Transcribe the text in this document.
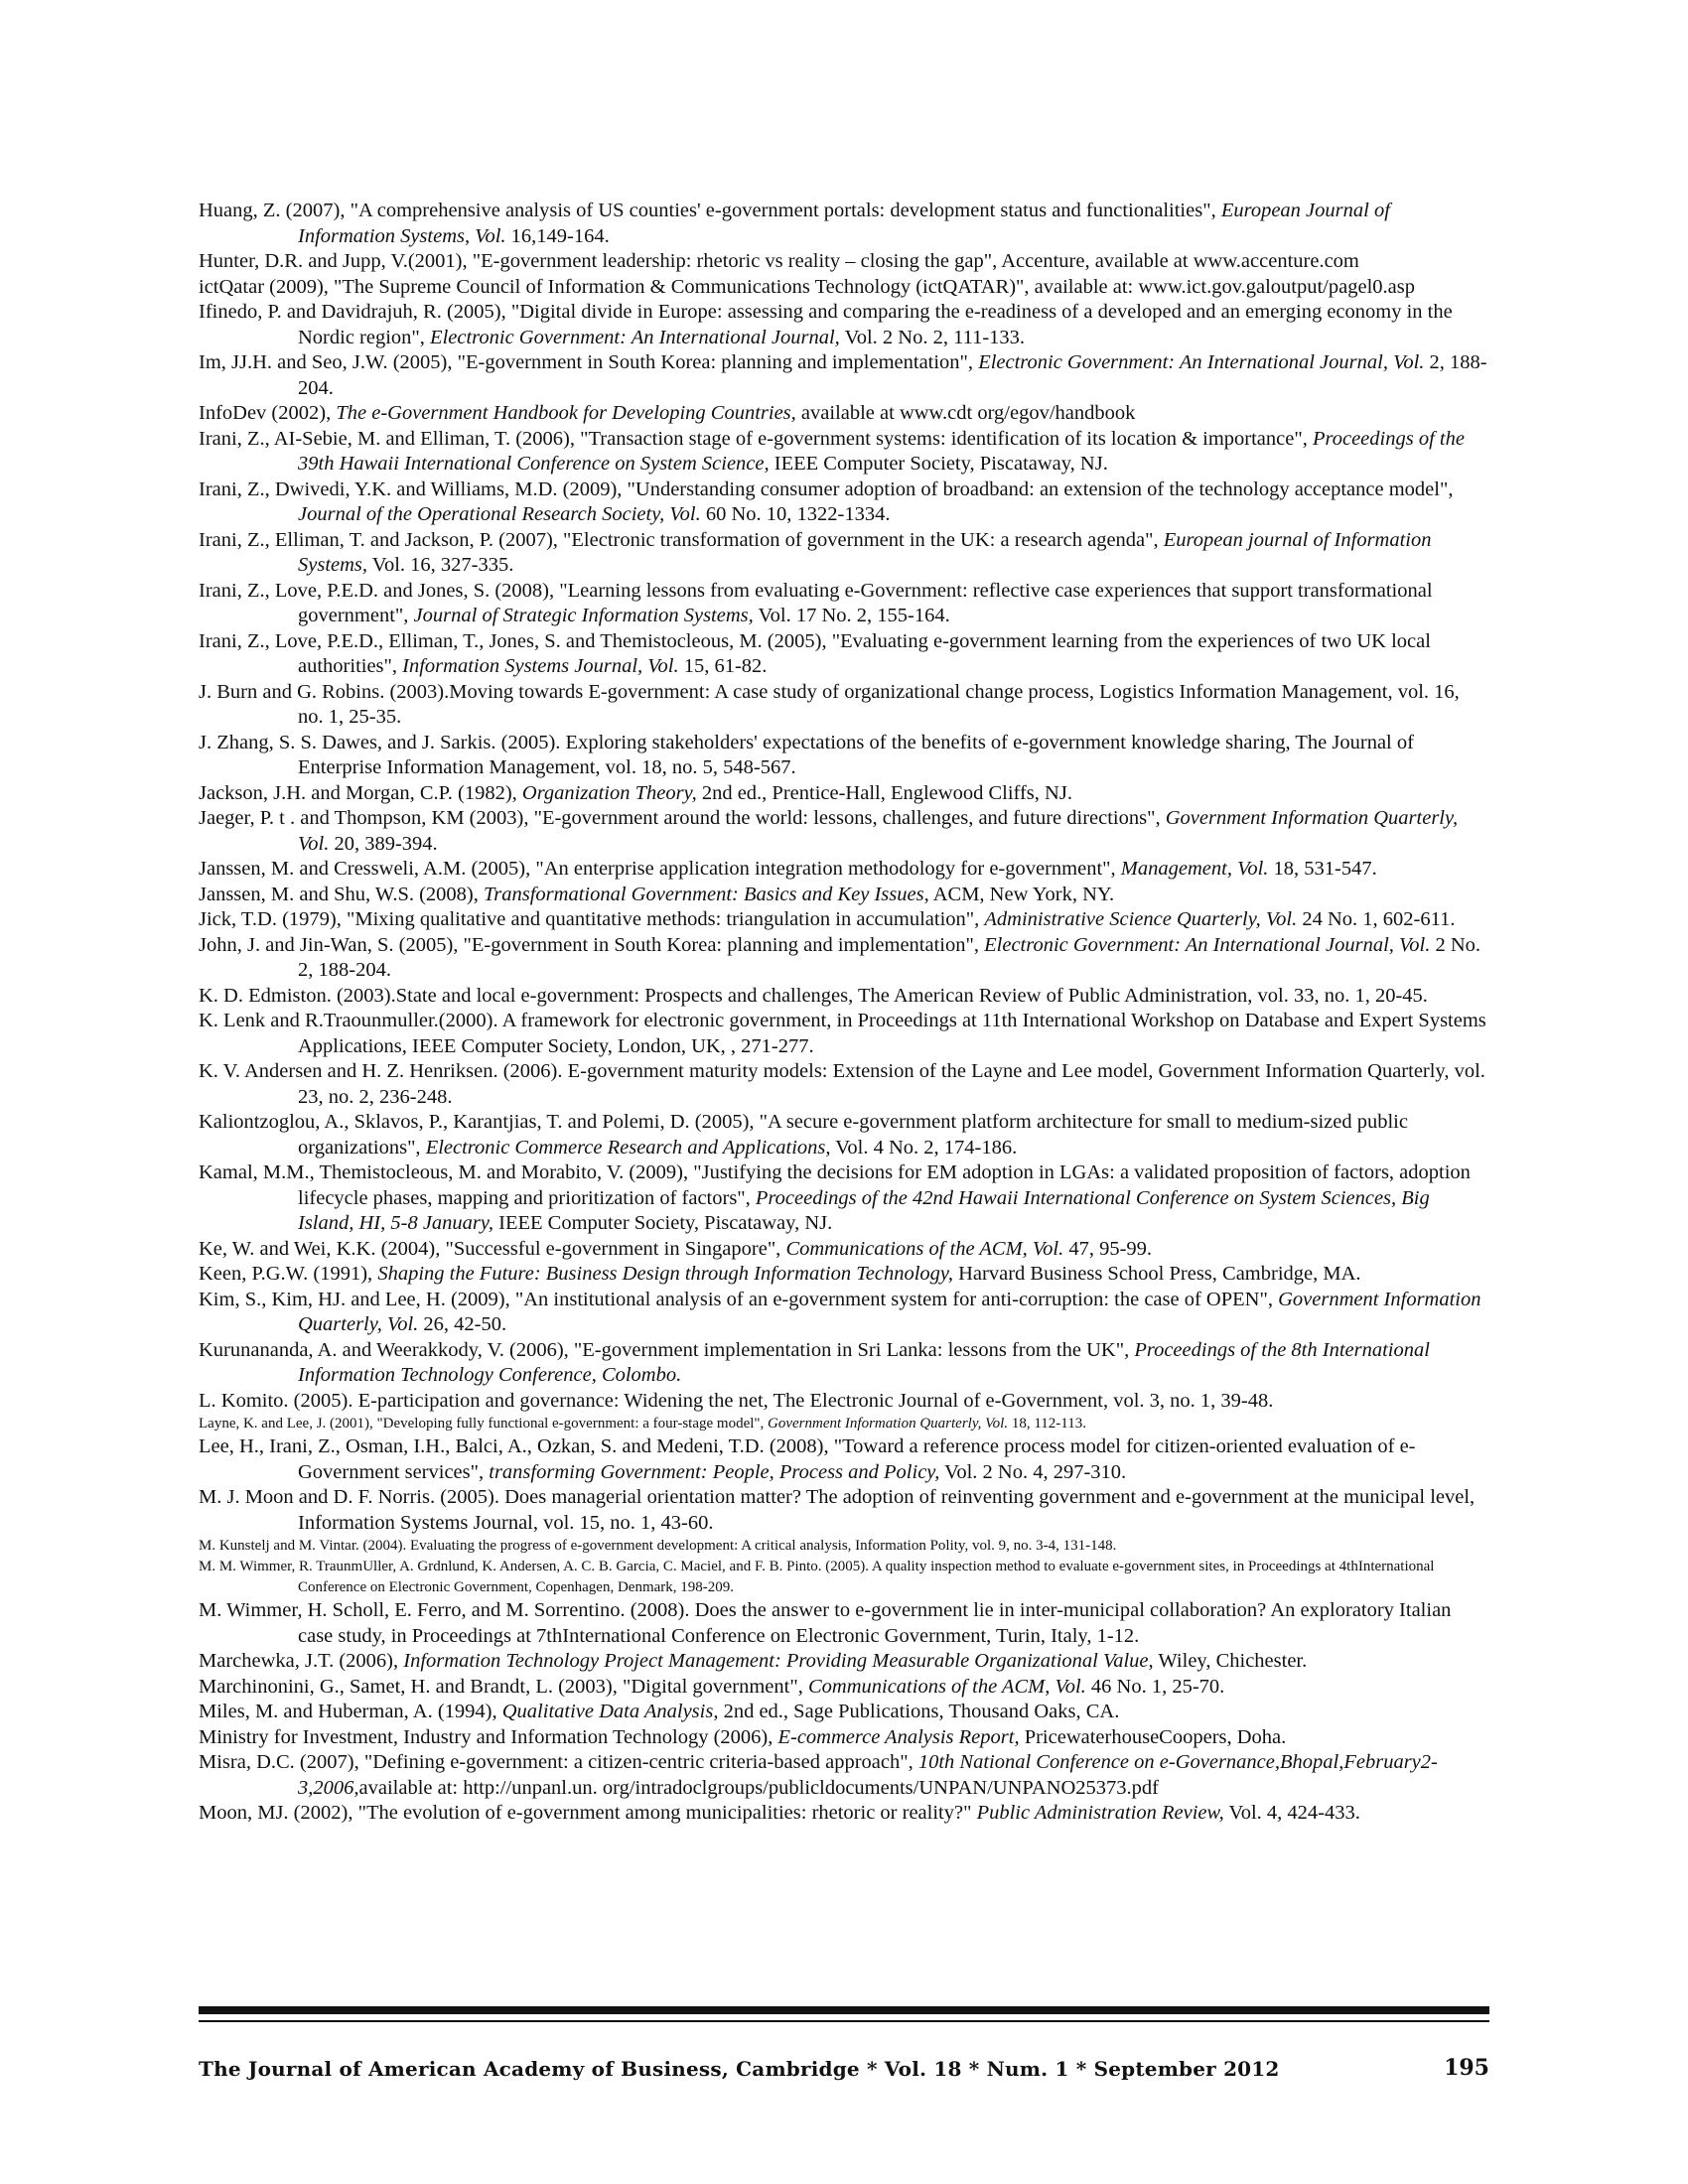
Huang, Z. (2007), "A comprehensive analysis of US counties' e-government portals: development status and functionalities", European Journal of Information Systems, Vol. 16,149-164.

Hunter, D.R. and Jupp, V.(2001), "E-government leadership: rhetoric vs reality – closing the gap", Accenture, available at www.accenture.com

ictQatar (2009), "The Supreme Council of Information & Communications Technology (ictQATAR)", available at: www.ict.gov.galoutput/pagel0.asp

Ifinedo, P. and Davidrajuh, R. (2005), "Digital divide in Europe: assessing and comparing the e-readiness of a developed and an emerging economy in the Nordic region", Electronic Government: An International Journal, Vol. 2 No. 2, 111-133.

Im, JJ.H. and Seo, J.W. (2005), "E-government in South Korea: planning and implementation", Electronic Government: An International Journal, Vol. 2, 188-204.

InfoDev (2002), The e-Government Handbook for Developing Countries, available at www.cdt org/egov/handbook

Irani, Z., AI-Sebie, M. and Elliman, T. (2006), "Transaction stage of e-government systems: identification of its location & importance", Proceedings of the 39th Hawaii International Conference on System Science, IEEE Computer Society, Piscataway, NJ.

Irani, Z., Dwivedi, Y.K. and Williams, M.D. (2009), "Understanding consumer adoption of broadband: an extension of the technology acceptance model", Journal of the Operational Research Society, Vol. 60 No. 10, 1322-1334.

Irani, Z., Elliman, T. and Jackson, P. (2007), "Electronic transformation of government in the UK: a research agenda", European journal of Information Systems, Vol. 16, 327-335.

Irani, Z., Love, P.E.D. and Jones, S. (2008), "Learning lessons from evaluating e-Government: reflective case experiences that support transformational government", Journal of Strategic Information Systems, Vol. 17 No. 2, 155-164.

Irani, Z., Love, P.E.D., Elliman, T., Jones, S. and Themistocleous, M. (2005), "Evaluating e-government learning from the experiences of two UK local authorities", Information Systems Journal, Vol. 15, 61-82.

J. Burn and G. Robins. (2003).Moving towards E-government: A case study of organizational change process, Logistics Information Management, vol. 16, no. 1, 25-35.

J. Zhang, S. S. Dawes, and J. Sarkis. (2005). Exploring stakeholders' expectations of the benefits of e-government knowledge sharing, The Journal of Enterprise Information Management, vol. 18, no. 5, 548-567.

Jackson, J.H. and Morgan, C.P. (1982), Organization Theory, 2nd ed., Prentice-Hall, Englewood Cliffs, NJ.

Jaeger, P. t . and Thompson, KM (2003), "E-government around the world: lessons, challenges, and future directions", Government Information Quarterly, Vol. 20, 389-394.

Janssen, M. and Cressweli, A.M. (2005), "An enterprise application integration methodology for e-government", Management, Vol. 18, 531-547.

Janssen, M. and Shu, W.S. (2008), Transformational Government: Basics and Key Issues, ACM, New York, NY.

Jick, T.D. (1979), "Mixing qualitative and quantitative methods: triangulation in accumulation", Administrative Science Quarterly, Vol. 24 No. 1, 602-611.

John, J. and Jin-Wan, S. (2005), "E-government in South Korea: planning and implementation", Electronic Government: An International Journal, Vol. 2 No. 2, 188-204.

K. D. Edmiston. (2003).State and local e-government: Prospects and challenges, The American Review of Public Administration, vol. 33, no. 1, 20-45.

K. Lenk and R.Traounmuller.(2000). A framework for electronic government, in Proceedings at 11th International Workshop on Database and Expert Systems Applications, IEEE Computer Society, London, UK, , 271-277.

K. V. Andersen and H. Z. Henriksen. (2006). E-government maturity models: Extension of the Layne and Lee model, Government Information Quarterly, vol. 23, no. 2, 236-248.

Kaliontzoglou, A., Sklavos, P., Karantjias, T. and Polemi, D. (2005), "A secure e-government platform architecture for small to medium-sized public organizations", Electronic Commerce Research and Applications, Vol. 4 No. 2, 174-186.

Kamal, M.M., Themistocleous, M. and Morabito, V. (2009), "Justifying the decisions for EM adoption in LGAs: a validated proposition of factors, adoption lifecycle phases, mapping and prioritization of factors", Proceedings of the 42nd Hawaii International Conference on System Sciences, Big Island, HI, 5-8 January, IEEE Computer Society, Piscataway, NJ.

Ke, W. and Wei, K.K. (2004), "Successful e-government in Singapore", Communications of the ACM, Vol. 47, 95-99.

Keen, P.G.W. (1991), Shaping the Future: Business Design through Information Technology, Harvard Business School Press, Cambridge, MA.

Kim, S., Kim, HJ. and Lee, H. (2009), "An institutional analysis of an e-government system for anti-corruption: the case of OPEN", Government Information Quarterly, Vol. 26, 42-50.

Kurunananda, A. and Weerakkody, V. (2006), "E-government implementation in Sri Lanka: lessons from the UK", Proceedings of the 8th International Information Technology Conference, Colombo.

L. Komito. (2005). E-participation and governance: Widening the net, The Electronic Journal of e-Government, vol. 3, no. 1, 39-48.

Layne, K. and Lee, J. (2001), "Developing fully functional e-government: a four-stage model", Government Information Quarterly, Vol. 18, 112-113.

Lee, H., Irani, Z., Osman, I.H., Balci, A., Ozkan, S. and Medeni, T.D. (2008), "Toward a reference process model for citizen-oriented evaluation of e-Government services", transforming Government: People, Process and Policy, Vol. 2 No. 4, 297-310.

M. J. Moon and D. F. Norris. (2005). Does managerial orientation matter? The adoption of reinventing government and e-government at the municipal level, Information Systems Journal, vol. 15, no. 1, 43-60.

M. Kunstelj and M. Vintar. (2004). Evaluating the progress of e-government development: A critical analysis, Information Polity, vol. 9, no. 3-4, 131-148.

M. M. Wimmer, R. TraunmUller, A. Grdnlund, K. Andersen, A. C. B. Garcia, C. Maciel, and F. B. Pinto. (2005). A quality inspection method to evaluate e-government sites, in Proceedings at 4thInternational Conference on Electronic Government, Copenhagen, Denmark, 198-209.

M. Wimmer, H. Scholl, E. Ferro, and M. Sorrentino. (2008). Does the answer to e-government lie in inter-municipal collaboration? An exploratory Italian case study, in Proceedings at 7thInternational Conference on Electronic Government, Turin, Italy, 1-12.

Marchewka, J.T. (2006), Information Technology Project Management: Providing Measurable Organizational Value, Wiley, Chichester.

Marchinonini, G., Samet, H. and Brandt, L. (2003), "Digital government", Communications of the ACM, Vol. 46 No. 1, 25-70.

Miles, M. and Huberman, A. (1994), Qualitative Data Analysis, 2nd ed., Sage Publications, Thousand Oaks, CA.

Ministry for Investment, Industry and Information Technology (2006), E-commerce Analysis Report, PricewaterhouseCoopers, Doha.

Misra, D.C. (2007), "Defining e-government: a citizen-centric criteria-based approach", 10th National Conference on e-Governance,Bhopal,February2-3,2006,available at: http://unpanl.un. org/intradoclgroups/publicldocuments/UNPAN/UNPANO25373.pdf

Moon, MJ. (2002), "The evolution of e-government among municipalities: rhetoric or reality?" Public Administration Review, Vol. 4, 424-433.

The Journal of American Academy of Business, Cambridge * Vol. 18 * Num. 1 * September 2012	195
